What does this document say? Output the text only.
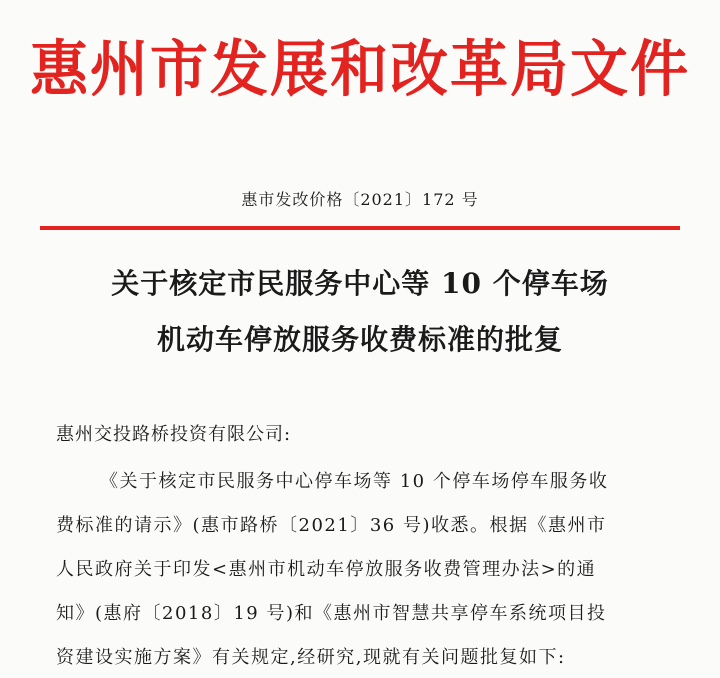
惠州市发展和改革局文件
惠市发改价格〔2021〕172 号
关于核定市民服务中心等 10 个停车场
机动车停放服务收费标准的批复
惠州交投路桥投资有限公司:
《关于核定市民服务中心停车场等 10 个停车场停车服务收
费标准的请示》(惠市路桥〔2021〕36 号)收悉。根据《惠州市
人民政府关于印发<惠州市机动车停放服务收费管理办法>的通
知》(惠府〔2018〕19 号)和《惠州市智慧共享停车系统项目投
资建设实施方案》有关规定,经研究,现就有关问题批复如下:
